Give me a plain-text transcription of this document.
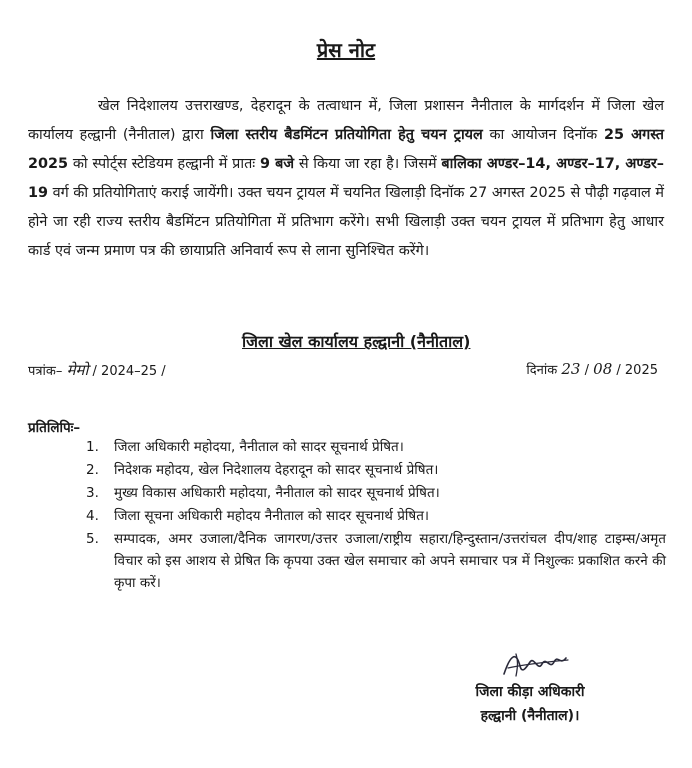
प्रेस नोट
खेल निदेशालय उत्तराखण्ड, देहरादून के तत्वाधान में, जिला प्रशासन नैनीताल के मार्गदर्शन में जिला खेल कार्यालय हल्द्वानी (नैनीताल) द्वारा जिला स्तरीय बैडमिंटन प्रतियोगिता हेतु चयन ट्रायल का आयोजन दिनॉक 25 अगस्त 2025 को स्पोर्ट्स स्टेडियम हल्द्वानी में प्रातः 9 बजे से किया जा रहा है। जिसमें बालिका अण्डर–14, अण्डर–17, अण्डर–19 वर्ग की प्रतियोगिताएं कराई जायेंगी। उक्त चयन ट्रायल में चयनित खिलाड़ी दिनॉक 27 अगस्त 2025 से पौढ़ी गढ़वाल में होने जा रही राज्य स्तरीय बैडमिंटन प्रतियोगिता में प्रतिभाग करेंगे। सभी खिलाड़ी उक्त चयन ट्रायल में प्रतिभाग हेतु आधार कार्ड एवं जन्म प्रमाण पत्र की छायाप्रति अनिवार्य रूप से लाना सुनिश्चित करेंगे।
जिला खेल कार्यालय हल्द्वानी (नैनीताल)
पत्रांक– मेमो / 2024–25 /	दिनांक 23 / 08 / 2025
प्रतिलिपिः–
1.	जिला अधिकारी महोदया, नैनीताल को सादर सूचनार्थ प्रेषित।
2.	निदेशक महोदय, खेल निदेशालय देहरादून को सादर सूचनार्थ प्रेषित।
3.	मुख्य विकास अधिकारी महोदया, नैनीताल को सादर सूचनार्थ प्रेषित।
4.	जिला सूचना अधिकारी महोदय नैनीताल को सादर सूचनार्थ प्रेषित।
5.	सम्पादक, अमर उजाला/दैनिक जागरण/उत्तर उजाला/राष्ट्रीय सहारा/हिन्दुस्तान/उत्तरांचल दीप/शाह टाइम्स/अमृत विचार को इस आशय से प्रेषित कि कृपया उक्त खेल समाचार को अपने समाचार पत्र में निशुल्कः प्रकाशित करने की कृपा करें।
जिला कीड़ा अधिकारी
हल्द्वानी (नैनीताल)।
